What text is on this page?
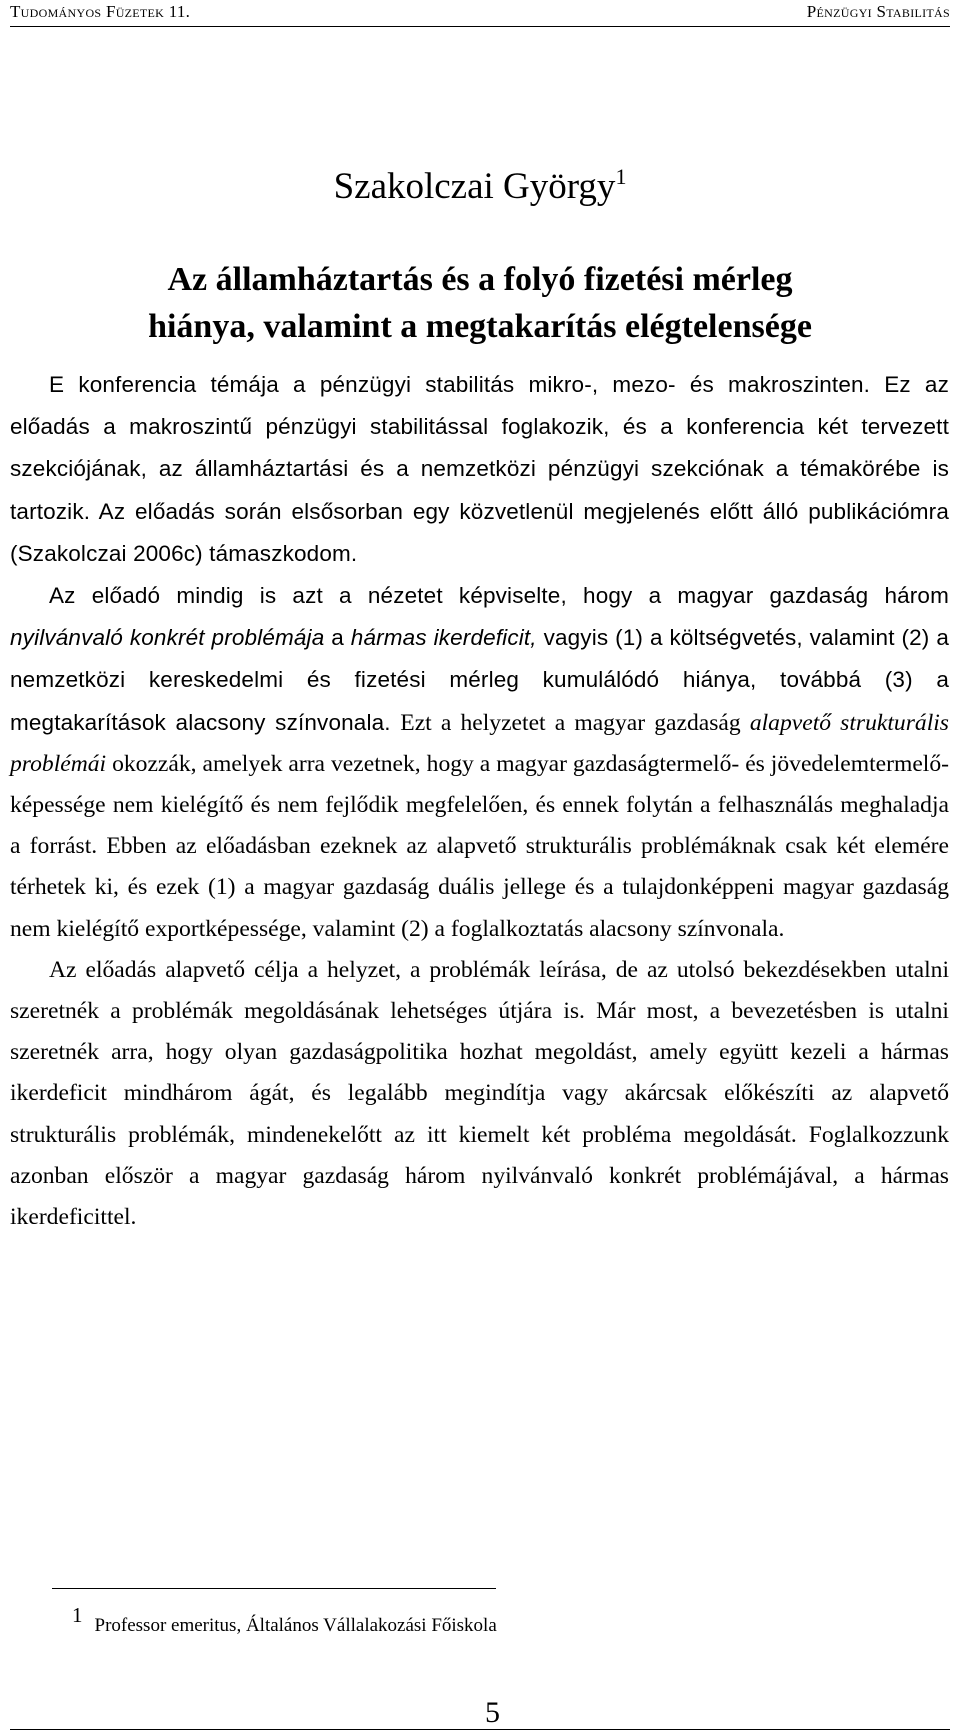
Tudományos Füzetek 11.	Pénzügyi Stabilitás
Szakolczai György$^1$
Az államháztartás és a folyó fizetési mérleg
hiánya, valamint a megtakarítás elégtelensége

E konferencia témája a pénzügyi stabilitás mikro-, mezo- és makroszinten. Ez az előadás a makroszintű pénzügyi stabilitással foglakozik, és a konferencia két tervezett szekciójának, az államháztartási és a nemzetközi pénzügyi szekciónak a témakörébe is tartozik. Az előadás során elsősorban egy közvetlenül megjelenés előtt álló publikációmra (Szakolczai 2006c) támaszkodom.

Az előadó mindig is azt a nézetet képviselte, hogy a magyar gazdaság három nyilvánvaló konkrét problémája a hármas ikerdeficit, vagyis (1) a költségvetés, valamint (2) a nemzetközi kereskedelmi és fizetési mérleg kumulálódó hiánya, továbbá (3) a megtakarítások alacsony színvonala. Ezt a helyzetet a magyar gazdaság alapvető strukturális problémái okozzák, amelyek arra vezetnek, hogy a magyar gazdaságtermelő- és jövedelemtermelő-képessége nem kielégítő és nem fejlődik megfelelően, és ennek folytán a felhasználás meghaladja a forrást. Ebben az előadásban ezeknek az alapvető strukturális problémáknak csak két elemére térhetek ki, és ezek (1) a magyar gazdaság duális jellege és a tulajdonképpeni magyar gazdaság nem kielégítő exportképessége, valamint (2) a foglalkoztatás alacsony színvonala.

Az előadás alapvető célja a helyzet, a problémák leírása, de az utolsó bekezdésekben utalni szeretnék a problémák megoldásának lehetséges útjára is. Már most, a bevezetésben is utalni szeretnék arra, hogy olyan gazdaságpolitika hozhat megoldást, amely együtt kezeli a hármas ikerdeficit mindhárom ágát, és legalább megindítja vagy akárcsak előkészíti az alapvető strukturális problémák, mindenekelőtt az itt kiemelt két probléma megoldását. Foglalkozzunk azonban először a magyar gazdaság három nyilvánvaló konkrét problémájával, a hármas ikerdeficittel.

1 Professor emeritus, Általános Vállalakozási Főiskola
5
